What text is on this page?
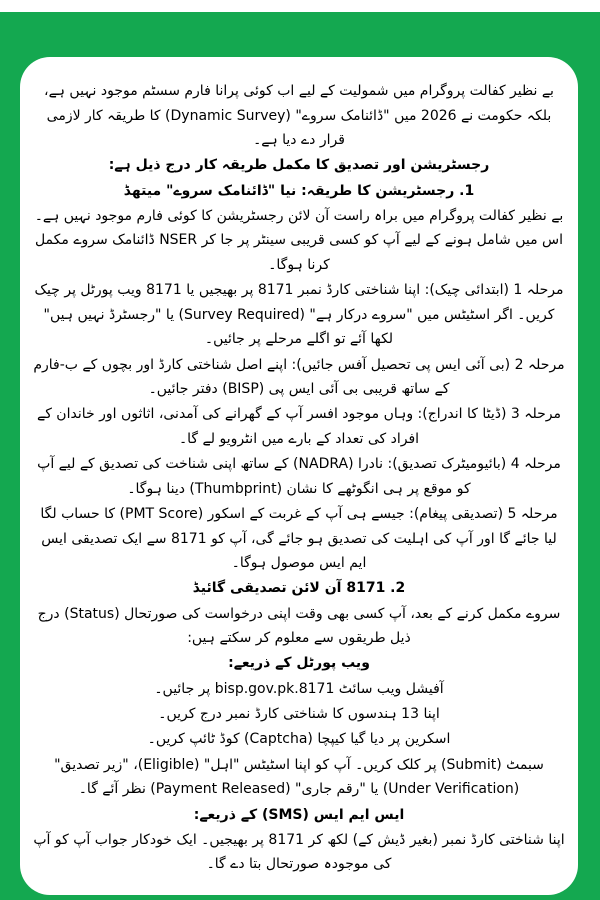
بے نظیر کفالت پروگرام میں شمولیت کے لیے اب کوئی پرانا فارم سسٹم موجود نہیں ہے، بلکہ حکومت نے 2026 میں "ڈائنامک سروے" (Dynamic Survey) کا طریقہ کار لازمی قرار دے دیا ہے۔

رجسٹریشن اور تصدیق کا مکمل طریقہ کار درج ذیل ہے:

1. رجسٹریشن کا طریقہ: نیا "ڈائنامک سروے" میتھڈ

بے نظیر کفالت پروگرام میں براہ راست آن لائن رجسٹریشن کا کوئی فارم موجود نہیں ہے۔ اس میں شامل ہونے کے لیے آپ کو کسی قریبی سینٹر پر جا کر NSER ڈائنامک سروے مکمل کرنا ہوگا۔

مرحلہ 1 (ابتدائی چیک): اپنا شناختی کارڈ نمبر 8171 پر بھیجیں یا 8171 ویب پورٹل پر چیک کریں۔ اگر اسٹیٹس میں "سروے درکار ہے" (Survey Required) یا "رجسٹرڈ نہیں ہیں" لکھا آئے تو اگلے مرحلے پر جائیں۔

مرحلہ 2 (بی آئی ایس پی تحصیل آفس جائیں): اپنے اصل شناختی کارڈ اور بچوں کے ب-فارم کے ساتھ قریبی بی آئی ایس پی (BISP) دفتر جائیں۔

مرحلہ 3 (ڈیٹا کا اندراج): وہاں موجود افسر آپ کے گھرانے کی آمدنی، اثاثوں اور خاندان کے افراد کی تعداد کے بارے میں انٹرویو لے گا۔

مرحلہ 4 (بائیومیٹرک تصدیق): نادرا (NADRA) کے ساتھ اپنی شناخت کی تصدیق کے لیے آپ کو موقع پر ہی انگوٹھے کا نشان (Thumbprint) دینا ہوگا۔

مرحلہ 5 (تصدیقی پیغام): جیسے ہی آپ کے غربت کے اسکور (PMT Score) کا حساب لگا لیا جائے گا اور آپ کی اہلیت کی تصدیق ہو جائے گی، آپ کو 8171 سے ایک تصدیقی ایس ایم ایس موصول ہوگا۔

2. 8171 آن لائن تصدیقی گائیڈ

سروے مکمل کرنے کے بعد، آپ کسی بھی وقت اپنی درخواست کی صورتحال (Status) درج ذیل طریقوں سے معلوم کر سکتے ہیں:

ویب پورٹل کے ذریعے:

آفیشل ویب سائٹ bisp.gov.pk.8171 پر جائیں۔

اپنا 13 ہندسوں کا شناختی کارڈ نمبر درج کریں۔

اسکرین پر دیا گیا کیپچا (Captcha) کوڈ ٹائپ کریں۔

سبمٹ (Submit) پر کلک کریں۔ آپ کو اپنا اسٹیٹس "اہل" (Eligible)، "زیر تصدیق" (Under Verification) یا "رقم جاری" (Payment Released) نظر آئے گا۔

ایس ایم ایس (SMS) کے ذریعے:

اپنا شناختی کارڈ نمبر (بغیر ڈیش کے) لکھ کر 8171 پر بھیجیں۔ ایک خودکار جواب آپ کو آپ کی موجودہ صورتحال بتا دے گا۔
